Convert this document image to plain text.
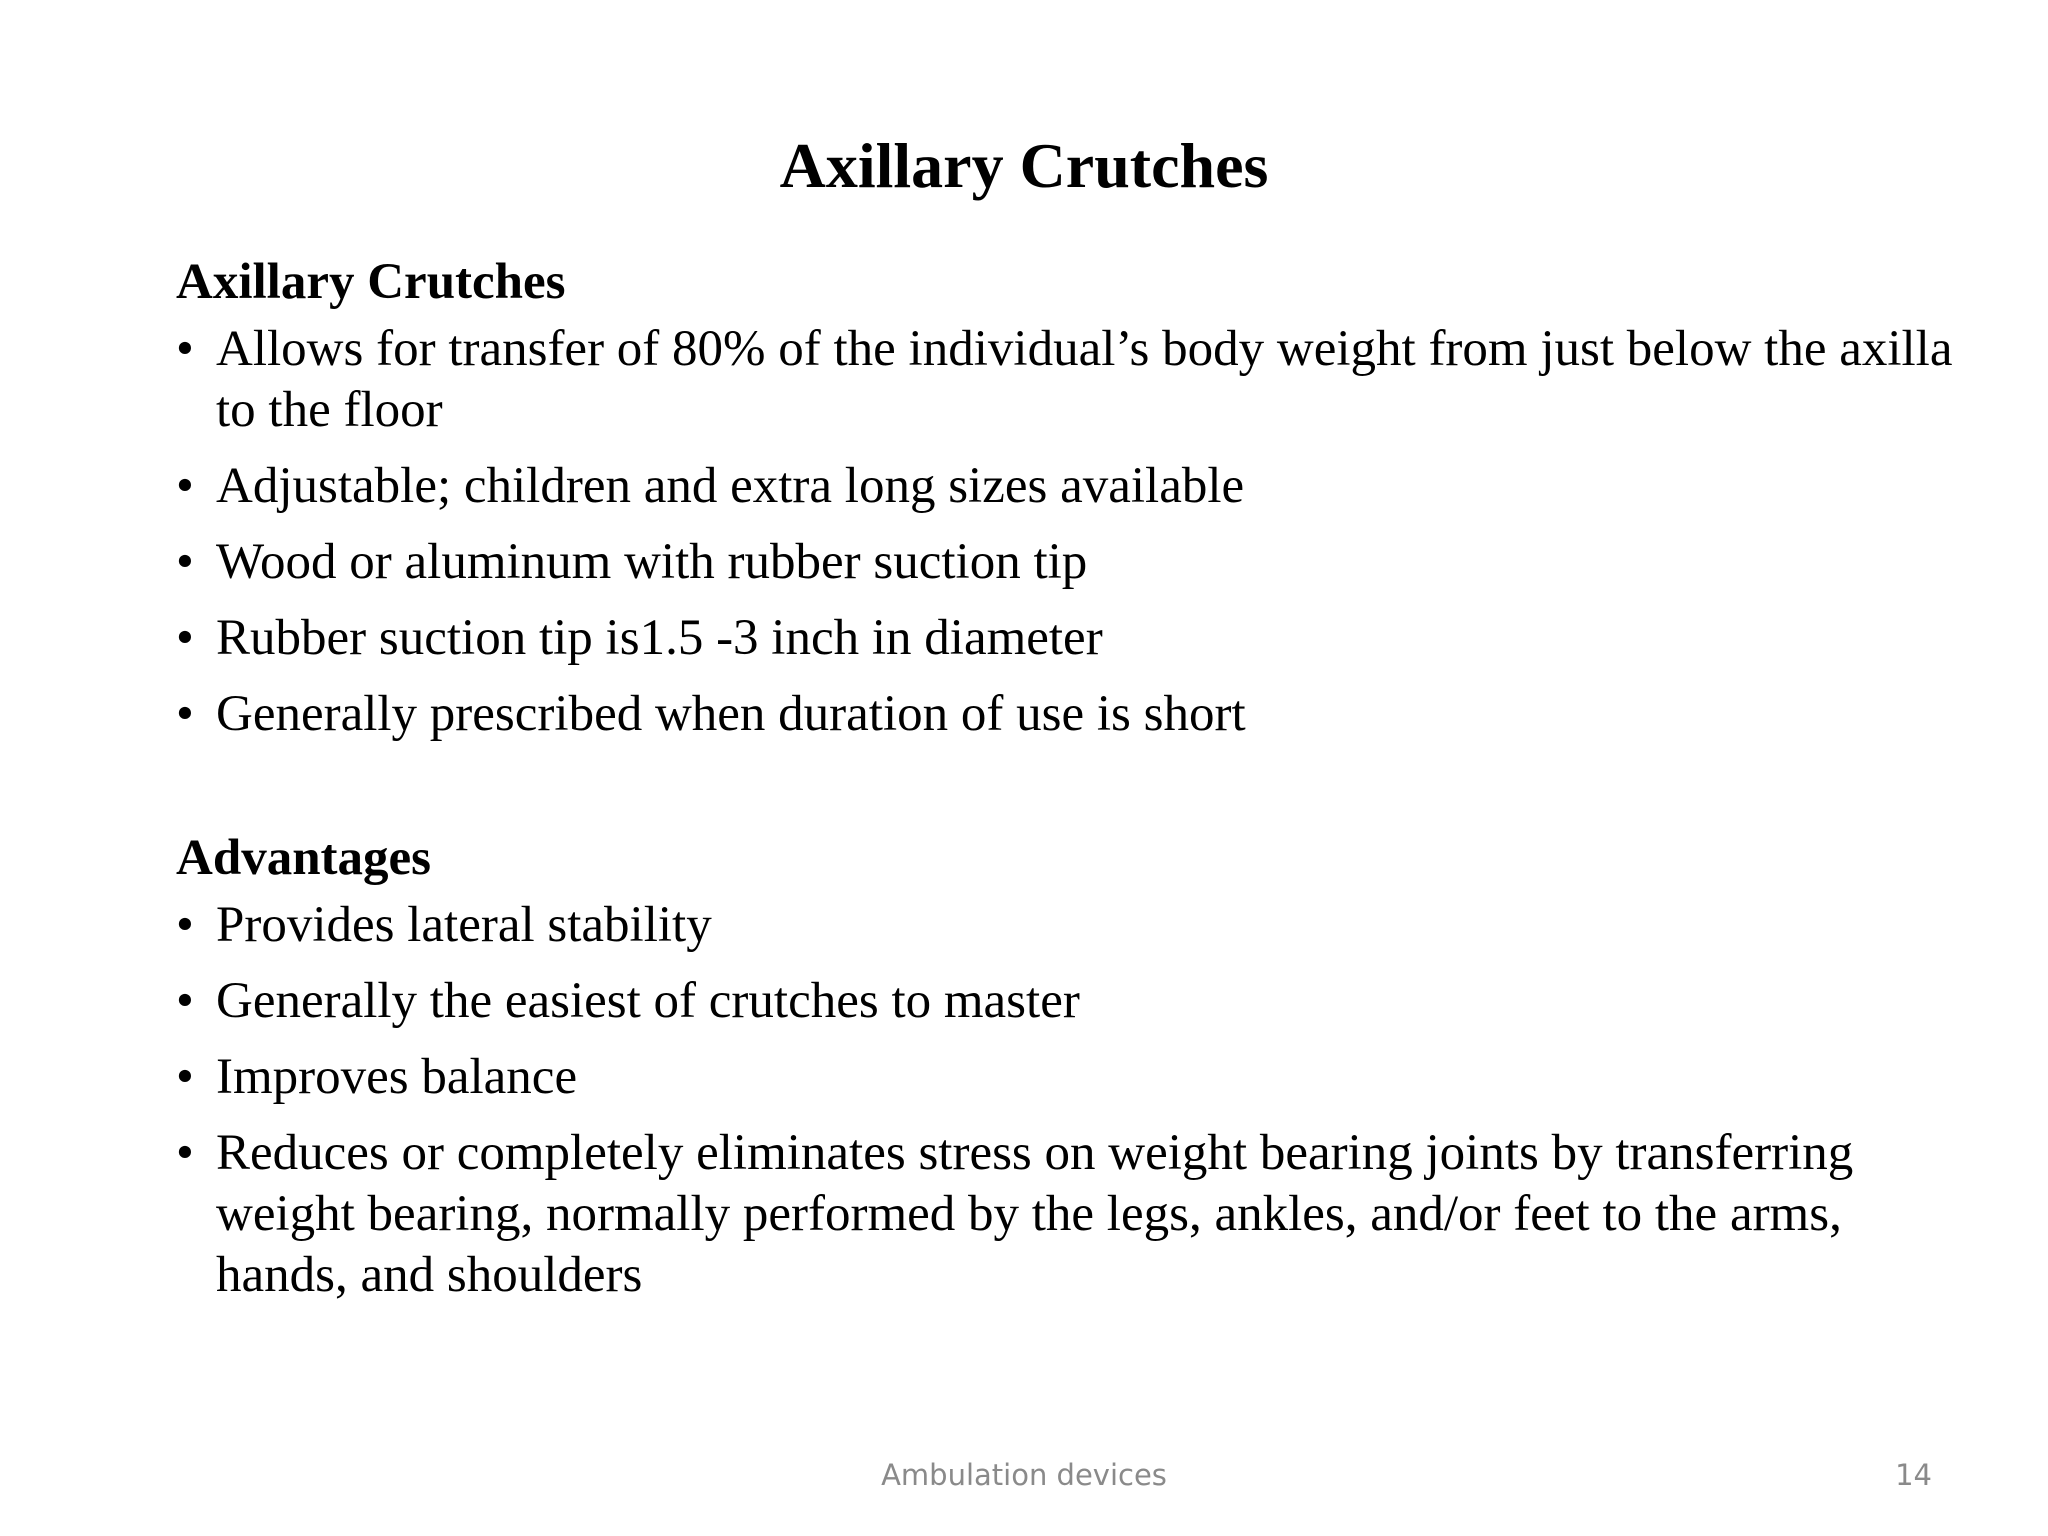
Axillary Crutches

Axillary Crutches

• Allows for transfer of 80% of the individual’s body weight from just below the axilla to the floor
• Adjustable; children and extra long sizes available
• Wood or aluminum with rubber suction tip
• Rubber suction tip is1.5 -3 inch in diameter
• Generally prescribed when duration of use is short

Advantages

• Provides lateral stability
• Generally the easiest of crutches to master
• Improves balance
• Reduces or completely eliminates stress on weight bearing joints by transferring weight bearing, normally performed by the legs, ankles, and/or feet to the arms, hands, and shoulders
Ambulation devices	14
